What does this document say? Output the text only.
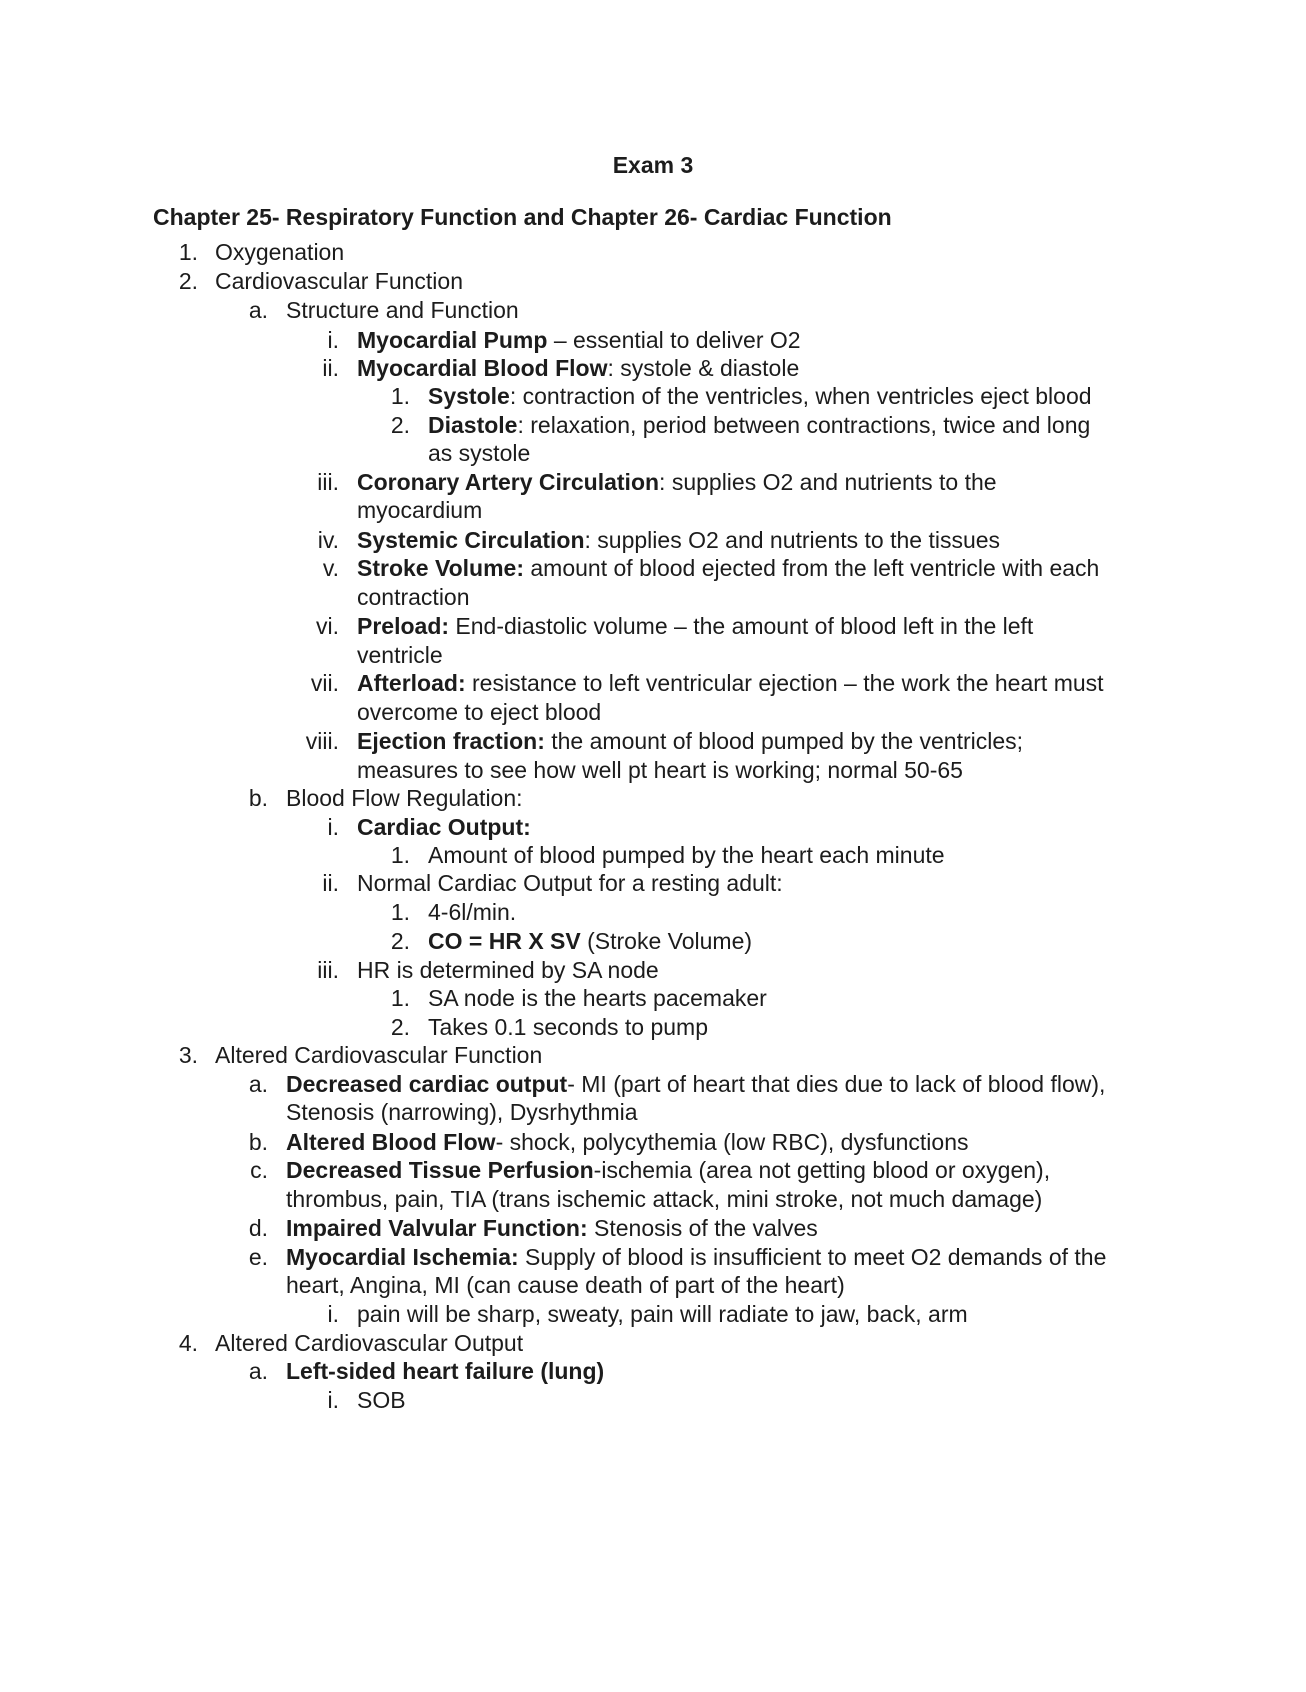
Exam 3
Chapter 25- Respiratory Function and Chapter 26- Cardiac Function
1. Oxygenation
2. Cardiovascular Function
a. Structure and Function
i. Myocardial Pump – essential to deliver O2
ii. Myocardial Blood Flow: systole & diastole
1. Systole: contraction of the ventricles, when ventricles eject blood
2. Diastole: relaxation, period between contractions, twice and long
as systole
iii. Coronary Artery Circulation: supplies O2 and nutrients to the
myocardium
iv. Systemic Circulation: supplies O2 and nutrients to the tissues
v. Stroke Volume: amount of blood ejected from the left ventricle with each
contraction
vi. Preload: End-diastolic volume – the amount of blood left in the left
ventricle
vii. Afterload: resistance to left ventricular ejection – the work the heart must
overcome to eject blood
viii. Ejection fraction: the amount of blood pumped by the ventricles;
measures to see how well pt heart is working; normal 50-65
b. Blood Flow Regulation:
i. Cardiac Output:
1. Amount of blood pumped by the heart each minute
ii. Normal Cardiac Output for a resting adult:
1. 4-6l/min.
2. CO = HR X SV (Stroke Volume)
iii. HR is determined by SA node
1. SA node is the hearts pacemaker
2. Takes 0.1 seconds to pump
3. Altered Cardiovascular Function
a. Decreased cardiac output- MI (part of heart that dies due to lack of blood flow),
Stenosis (narrowing), Dysrhythmia
b. Altered Blood Flow- shock, polycythemia (low RBC), dysfunctions
c. Decreased Tissue Perfusion-ischemia (area not getting blood or oxygen),
thrombus, pain, TIA (trans ischemic attack, mini stroke, not much damage)
d. Impaired Valvular Function: Stenosis of the valves
e. Myocardial Ischemia: Supply of blood is insufficient to meet O2 demands of the
heart, Angina, MI (can cause death of part of the heart)
i. pain will be sharp, sweaty, pain will radiate to jaw, back, arm
4. Altered Cardiovascular Output
a. Left-sided heart failure (lung)
i. SOB
